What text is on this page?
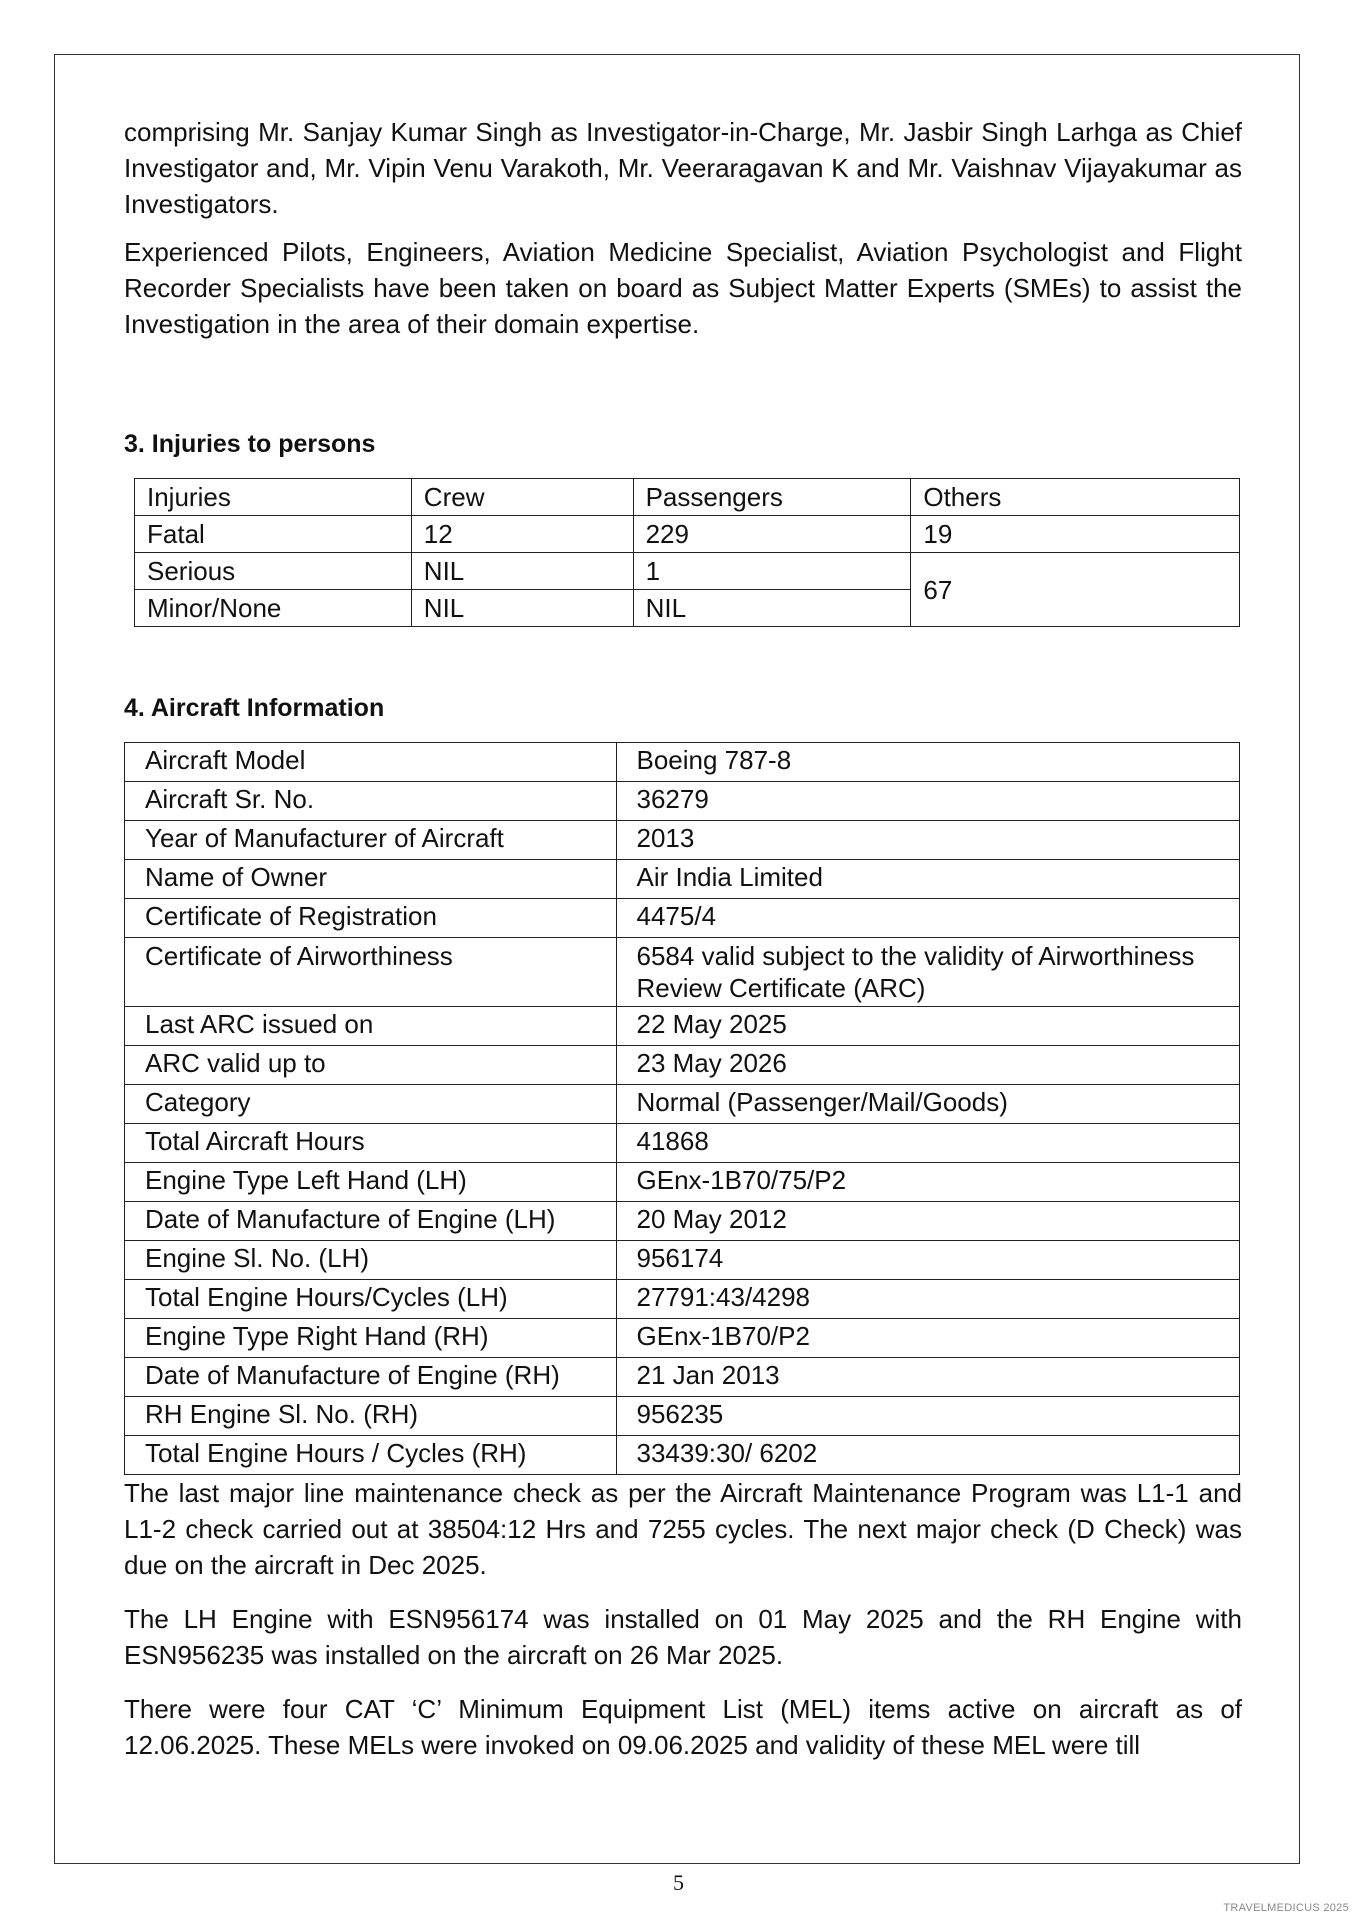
comprising Mr. Sanjay Kumar Singh as Investigator-in-Charge, Mr. Jasbir Singh Larhga as Chief Investigator and, Mr. Vipin Venu Varakoth, Mr. Veeraragavan K and Mr. Vaishnav Vijayakumar as Investigators.

Experienced Pilots, Engineers, Aviation Medicine Specialist, Aviation Psychologist and Flight Recorder Specialists have been taken on board as Subject Matter Experts (SMEs) to assist the Investigation in the area of their domain expertise.

3. Injuries to persons
Injuries	Crew	Passengers	Others
Fatal	12	229	19
Serious	NIL	1	67
Minor/None	NIL	NIL	
4. Aircraft Information
Aircraft Model	Boeing 787-8
Aircraft Sr. No.	36279
Year of Manufacturer of Aircraft	2013
Name of Owner	Air India Limited
Certificate of Registration	4475/4
Certificate of Airworthiness	6584 valid subject to the validity of Airworthiness Review Certificate (ARC)
Last ARC issued on	22 May 2025
ARC valid up to	23 May 2026
Category	Normal (Passenger/Mail/Goods)
Total Aircraft Hours	41868
Engine Type Left Hand (LH)	GEnx-1B70/75/P2
Date of Manufacture of Engine (LH)	20 May 2012
Engine Sl. No. (LH)	956174
Total Engine Hours/Cycles (LH)	27791:43/4298
Engine Type Right Hand (RH)	GEnx-1B70/P2
Date of Manufacture of Engine (RH)	21 Jan 2013
RH Engine Sl. No. (RH)	956235
Total Engine Hours / Cycles (RH)	33439:30/ 6202

The last major line maintenance check as per the Aircraft Maintenance Program was L1-1 and L1-2 check carried out at 38504:12 Hrs and 7255 cycles. The next major check (D Check) was due on the aircraft in Dec 2025.

The LH Engine with ESN956174 was installed on 01 May 2025 and the RH Engine with ESN956235 was installed on the aircraft on 26 Mar 2025.

There were four CAT ‘C’ Minimum Equipment List (MEL) items active on aircraft as of 12.06.2025. These MELs were invoked on 09.06.2025 and validity of these MEL were till

5
TRAVELMEDICUS 2025
